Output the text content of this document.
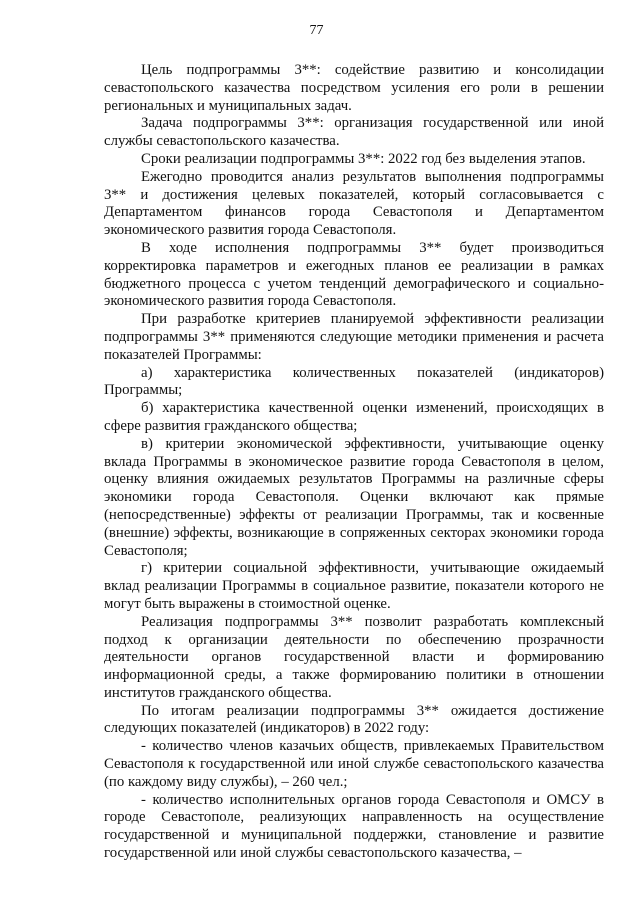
77

Цель подпрограммы 3**: содействие развитию и консолидации севастопольского казачества посредством усиления его роли в решении региональных и муниципальных задач.

Задача подпрограммы 3**: организация государственной или иной службы севастопольского казачества.

Сроки реализации подпрограммы 3**: 2022 год без выделения этапов.

Ежегодно проводится анализ результатов выполнения подпрограммы 3** и достижения целевых показателей, который согласовывается с Департаментом финансов города Севастополя и Департаментом экономического развития города Севастополя.

В ходе исполнения подпрограммы 3** будет производиться корректировка параметров и ежегодных планов ее реализации в рамках бюджетного процесса с учетом тенденций демографического и социально-экономического развития города Севастополя.

При разработке критериев планируемой эффективности реализации подпрограммы 3** применяются следующие методики применения и расчета показателей Программы:

а) характеристика количественных показателей (индикаторов) Программы;

б) характеристика качественной оценки изменений, происходящих в сфере развития гражданского общества;

в) критерии экономической эффективности, учитывающие оценку вклада Программы в экономическое развитие города Севастополя в целом, оценку влияния ожидаемых результатов Программы на различные сферы экономики города Севастополя. Оценки включают как прямые (непосредственные) эффекты от реализации Программы, так и косвенные (внешние) эффекты, возникающие в сопряженных секторах экономики города Севастополя;

г) критерии социальной эффективности, учитывающие ожидаемый вклад реализации Программы в социальное развитие, показатели которого не могут быть выражены в стоимостной оценке.

Реализация подпрограммы 3** позволит разработать комплексный подход к организации деятельности по обеспечению прозрачности деятельности органов государственной власти и формированию информационной среды, а также формированию политики в отношении институтов гражданского общества.

По итогам реализации подпрограммы 3** ожидается достижение следующих показателей (индикаторов) в 2022 году:

- количество членов казачьих обществ, привлекаемых Правительством Севастополя к государственной или иной службе севастопольского казачества (по каждому виду службы), – 260 чел.;

- количество исполнительных органов города Севастополя и ОМСУ в городе Севастополе, реализующих направленность на осуществление государственной и муниципальной поддержки, становление и развитие государственной или иной службы севастопольского казачества, –
